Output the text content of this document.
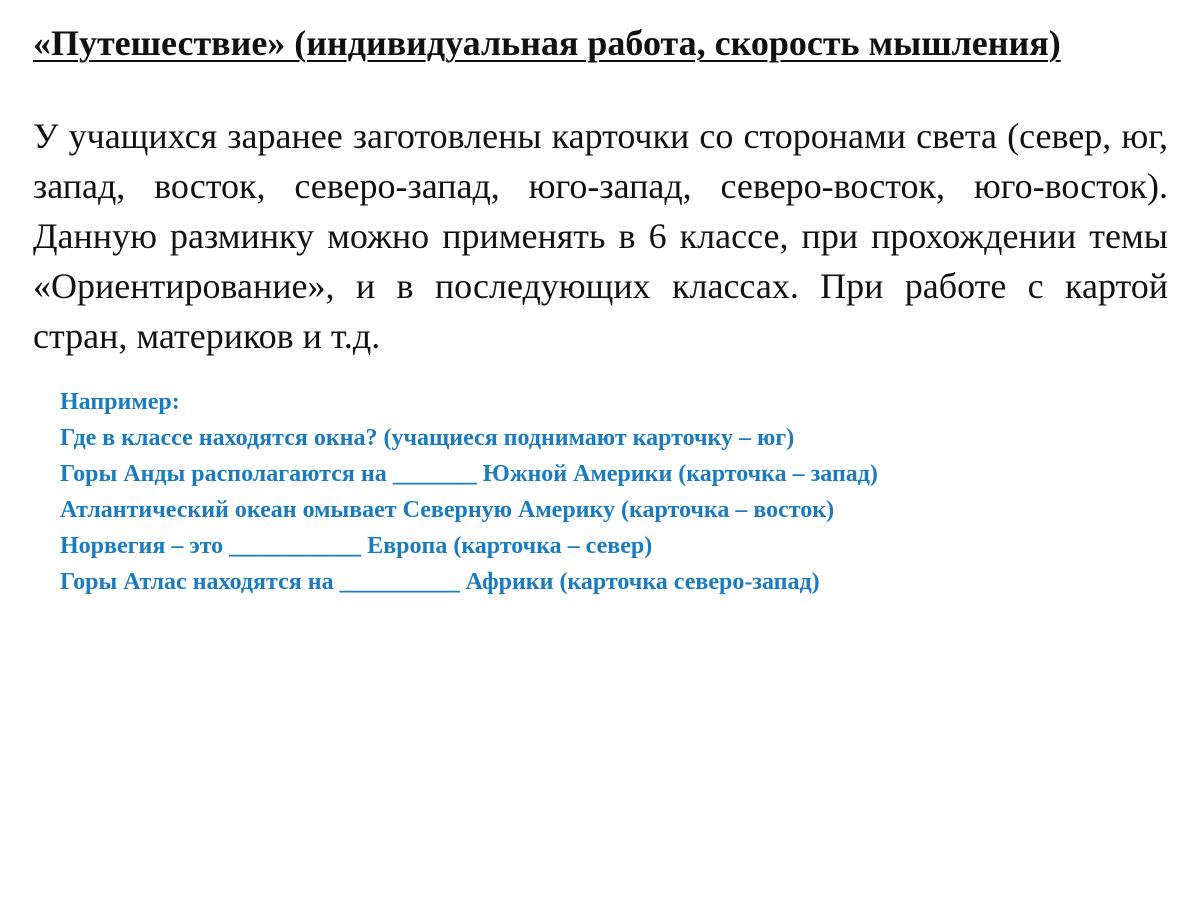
«Путешествие» (индивидуальная работа, скорость мышления)

У учащихся заранее заготовлены карточки со сторонами света (север, юг, запад, восток, северо-запад, юго-запад, северо-восток, юго-восток). Данную разминку можно применять в 6 классе, при прохождении темы «Ориентирование», и в последующих классах. При работе с картой стран, материков и т.д.

Например:

Где в классе находятся окна? (учащиеся поднимают карточку – юг)

Горы Анды располагаются на _______ Южной Америки (карточка – запад)

Атлантический океан омывает Северную Америку (карточка – восток)

Норвегия – это ___________ Европа (карточка – север)

Горы Атлас находятся на __________ Африки (карточка северо-запад)
